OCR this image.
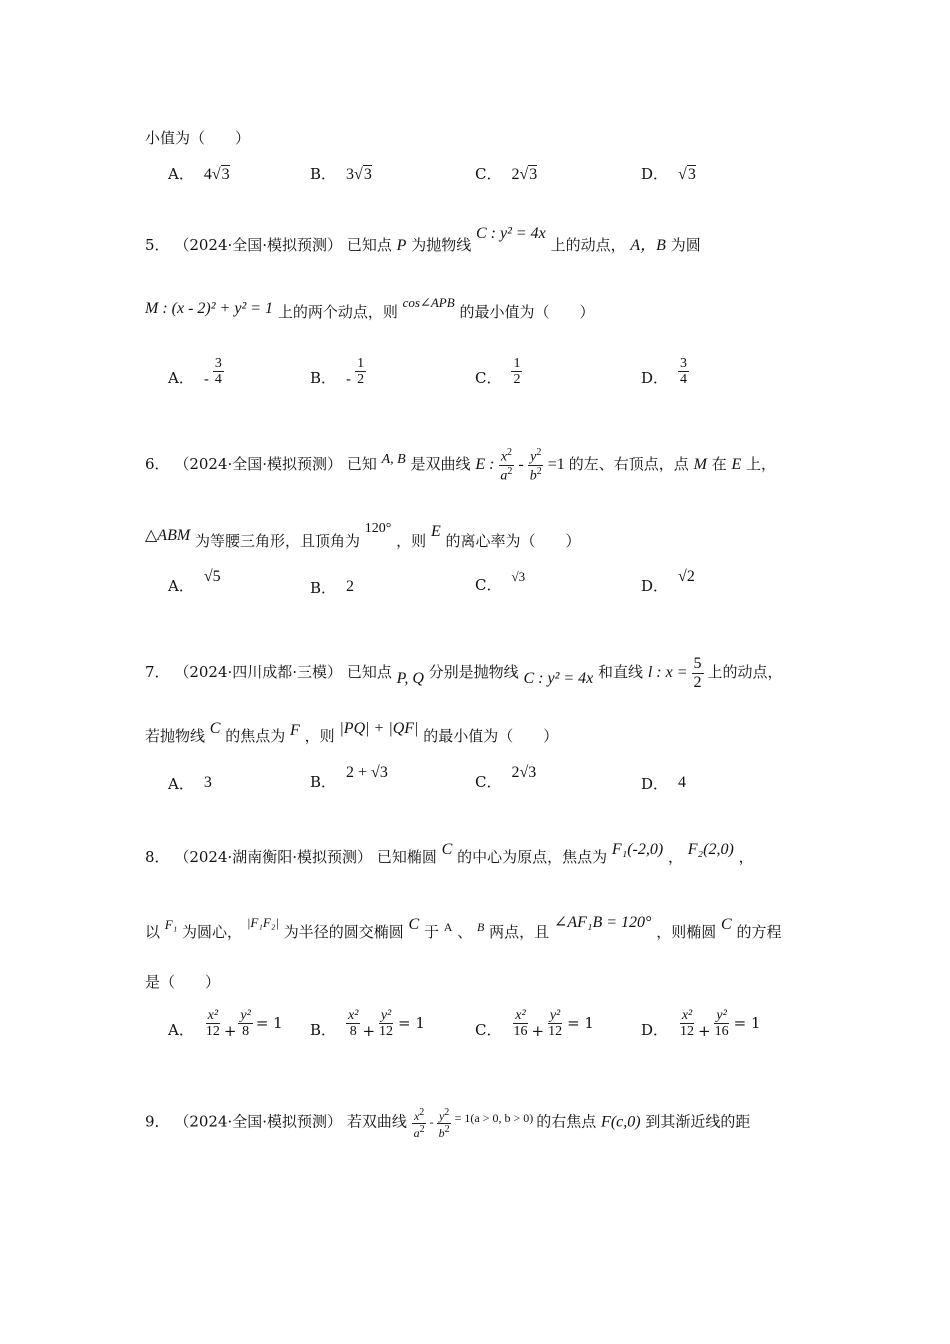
小值为（　　）
A． 4√3	B． 3√3	C． 2√3	D． √3
5． （2024·全国·模拟预测） 已知点 P 为抛物线 C : y² = 4x 上的动点， A，B 为圆
M : (x - 2)² + y² = 1 上的两个动点，则 cos∠APB 的最小值为（　　）
A． - $\frac{3}{4}$	B． - $\frac{1}{2}$	C． $\frac{1}{2}$	D． $\frac{3}{4}$
6． （2024·全国·模拟预测） 已知 A, B 是双曲线 E : $\frac{x^2}{a^2} - \frac{y^2}{b^2} =1$ 的左、右顶点，点 M 在 E 上，
△ABM 为等腰三角形，且顶角为 120° ，则 E 的离心率为（　　）
A．
√5
B． 2	C． √3
D．
√2
7． （2024·四川成都·三模） 已知点 P, Q 分别是抛物线 C : y² = 4x 和直线 l : $x = \frac{5}{2}$ 上的动点，
若抛物线 C 的焦点为 F ，则 |PQ| + |QF| 的最小值为（　　）
A． 3	B．
2 + √3
C．
2√3
D． 4
8． （2024·湖南衡阳·模拟预测） 已知椭圆 C 的中心为原点，焦点为 F₁(-2,0) ， F₂(2,0) ，
以 F₁ 为圆心， |F₁F₂| 为半径的圆交椭圆 C 于 $^A$ 、 $^B$ 两点，且 ∠AF₁B = 120° ，则椭圆 C 的方程
是（　　）
A． $\frac{\text{x²}}{12} + \frac{\text{y²}}{8} = 1$ B． $\frac{\text{x²}}{8} + \frac{\text{y²}}{12} = 1$	C． $\frac{\text{x²}}{16} + \frac{\text{y²}}{12} = 1$	D． $\frac{\text{x²}}{12} + \frac{\text{y²}}{16} = 1$
9． （2024·全国·模拟预测） 若双曲线 $\frac{x^2}{a^2} - \frac{y^2}{b^2} = 1(a > 0$, b > 0) 的右焦点 F(c,0) 到其渐近线的距
